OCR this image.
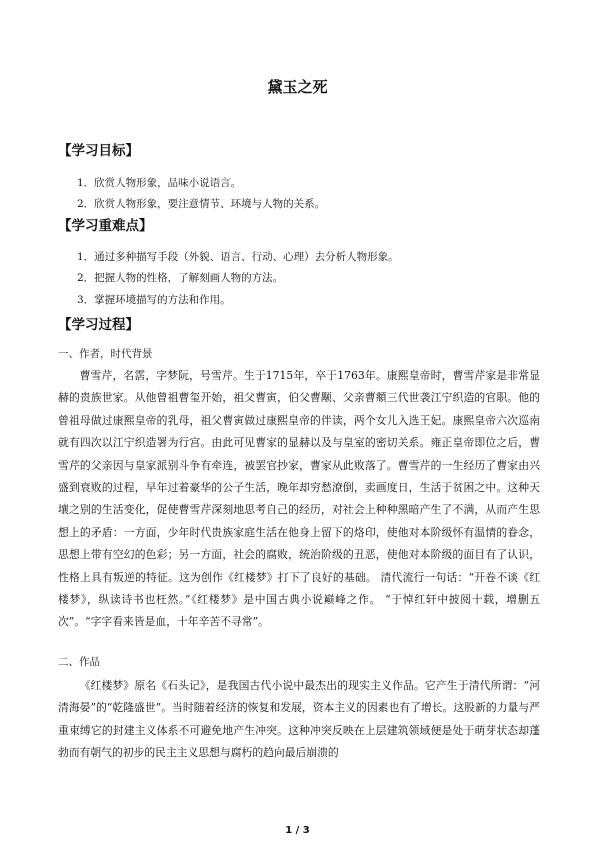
黛玉之死
【学习目标】
1．欣赏人物形象，品味小说语言。
2．欣赏人物形象，要注意情节、环境与人物的关系。
【学习重难点】
1．通过多种描写手段（外貌、语言、行动、心理）去分析人物形象。
2．把握人物的性格，了解刻画人物的方法。
3．掌握环境描写的方法和作用。
【学习过程】
一、作者，时代背景

曹雪芹，名霑，字梦阮，号雪芹。生于1715年，卒于1763年。康熙皇帝时，曹雪芹家是非常显赫的贵族世家。从他曾祖曹玺开始，祖父曹寅，伯父曹颙、父亲曹頫三代世袭江宁织造的官职。他的曾祖母做过康熙皇帝的乳母，祖父曹寅做过康熙皇帝的伴读，两个女儿入选王妃。康熙皇帝六次巡南就有四次以江宁织造署为行宫。由此可见曹家的显赫以及与皇室的密切关系。雍正皇帝即位之后，曹雪芹的父亲因与皇家派别斗争有牵连，被罢官抄家，曹家从此败落了。曹雪芹的一生经历了曹家由兴盛到衰败的过程，早年过着豪华的公子生活，晚年却穷愁潦倒，卖画度日，生活于贫困之中。这种天壤之别的生活变化，促使曹雪芹深刻地思考自己的经历，对社会上种种黑暗产生了不满，从而产生思想上的矛盾：一方面，少年时代贵族家庭生活在他身上留下的烙印，使他对本阶级怀有温情的眷念，思想上带有空幻的色彩；另一方面，社会的腐败，统治阶级的丑恶，使他对本阶级的面目有了认识，性格上具有叛逆的特征。这为创作《红楼梦》打下了良好的基础。 清代流行一句话：“开卷不谈《红楼梦》，纵读诗书也枉然。”《红楼梦》是中国古典小说巅峰之作。 “于悼红轩中披阅十载，增删五次”。“字字看来皆是血，十年辛苦不寻常”。

二、作品

《红楼梦》原名《石头记》，是我国古代小说中最杰出的现实主义作品。它产生于清代所谓：“河清海晏”的“乾隆盛世”。当时随着经济的恢复和发展，资本主义的因素也有了增长。这股新的力量与严重束缚它的封建主义体系不可避免地产生冲突。这种冲突反映在上层建筑领域便是处于萌芽状态却蓬勃而有朝气的初步的民主主义思想与腐朽的趋向最后崩溃的

1 / 3
